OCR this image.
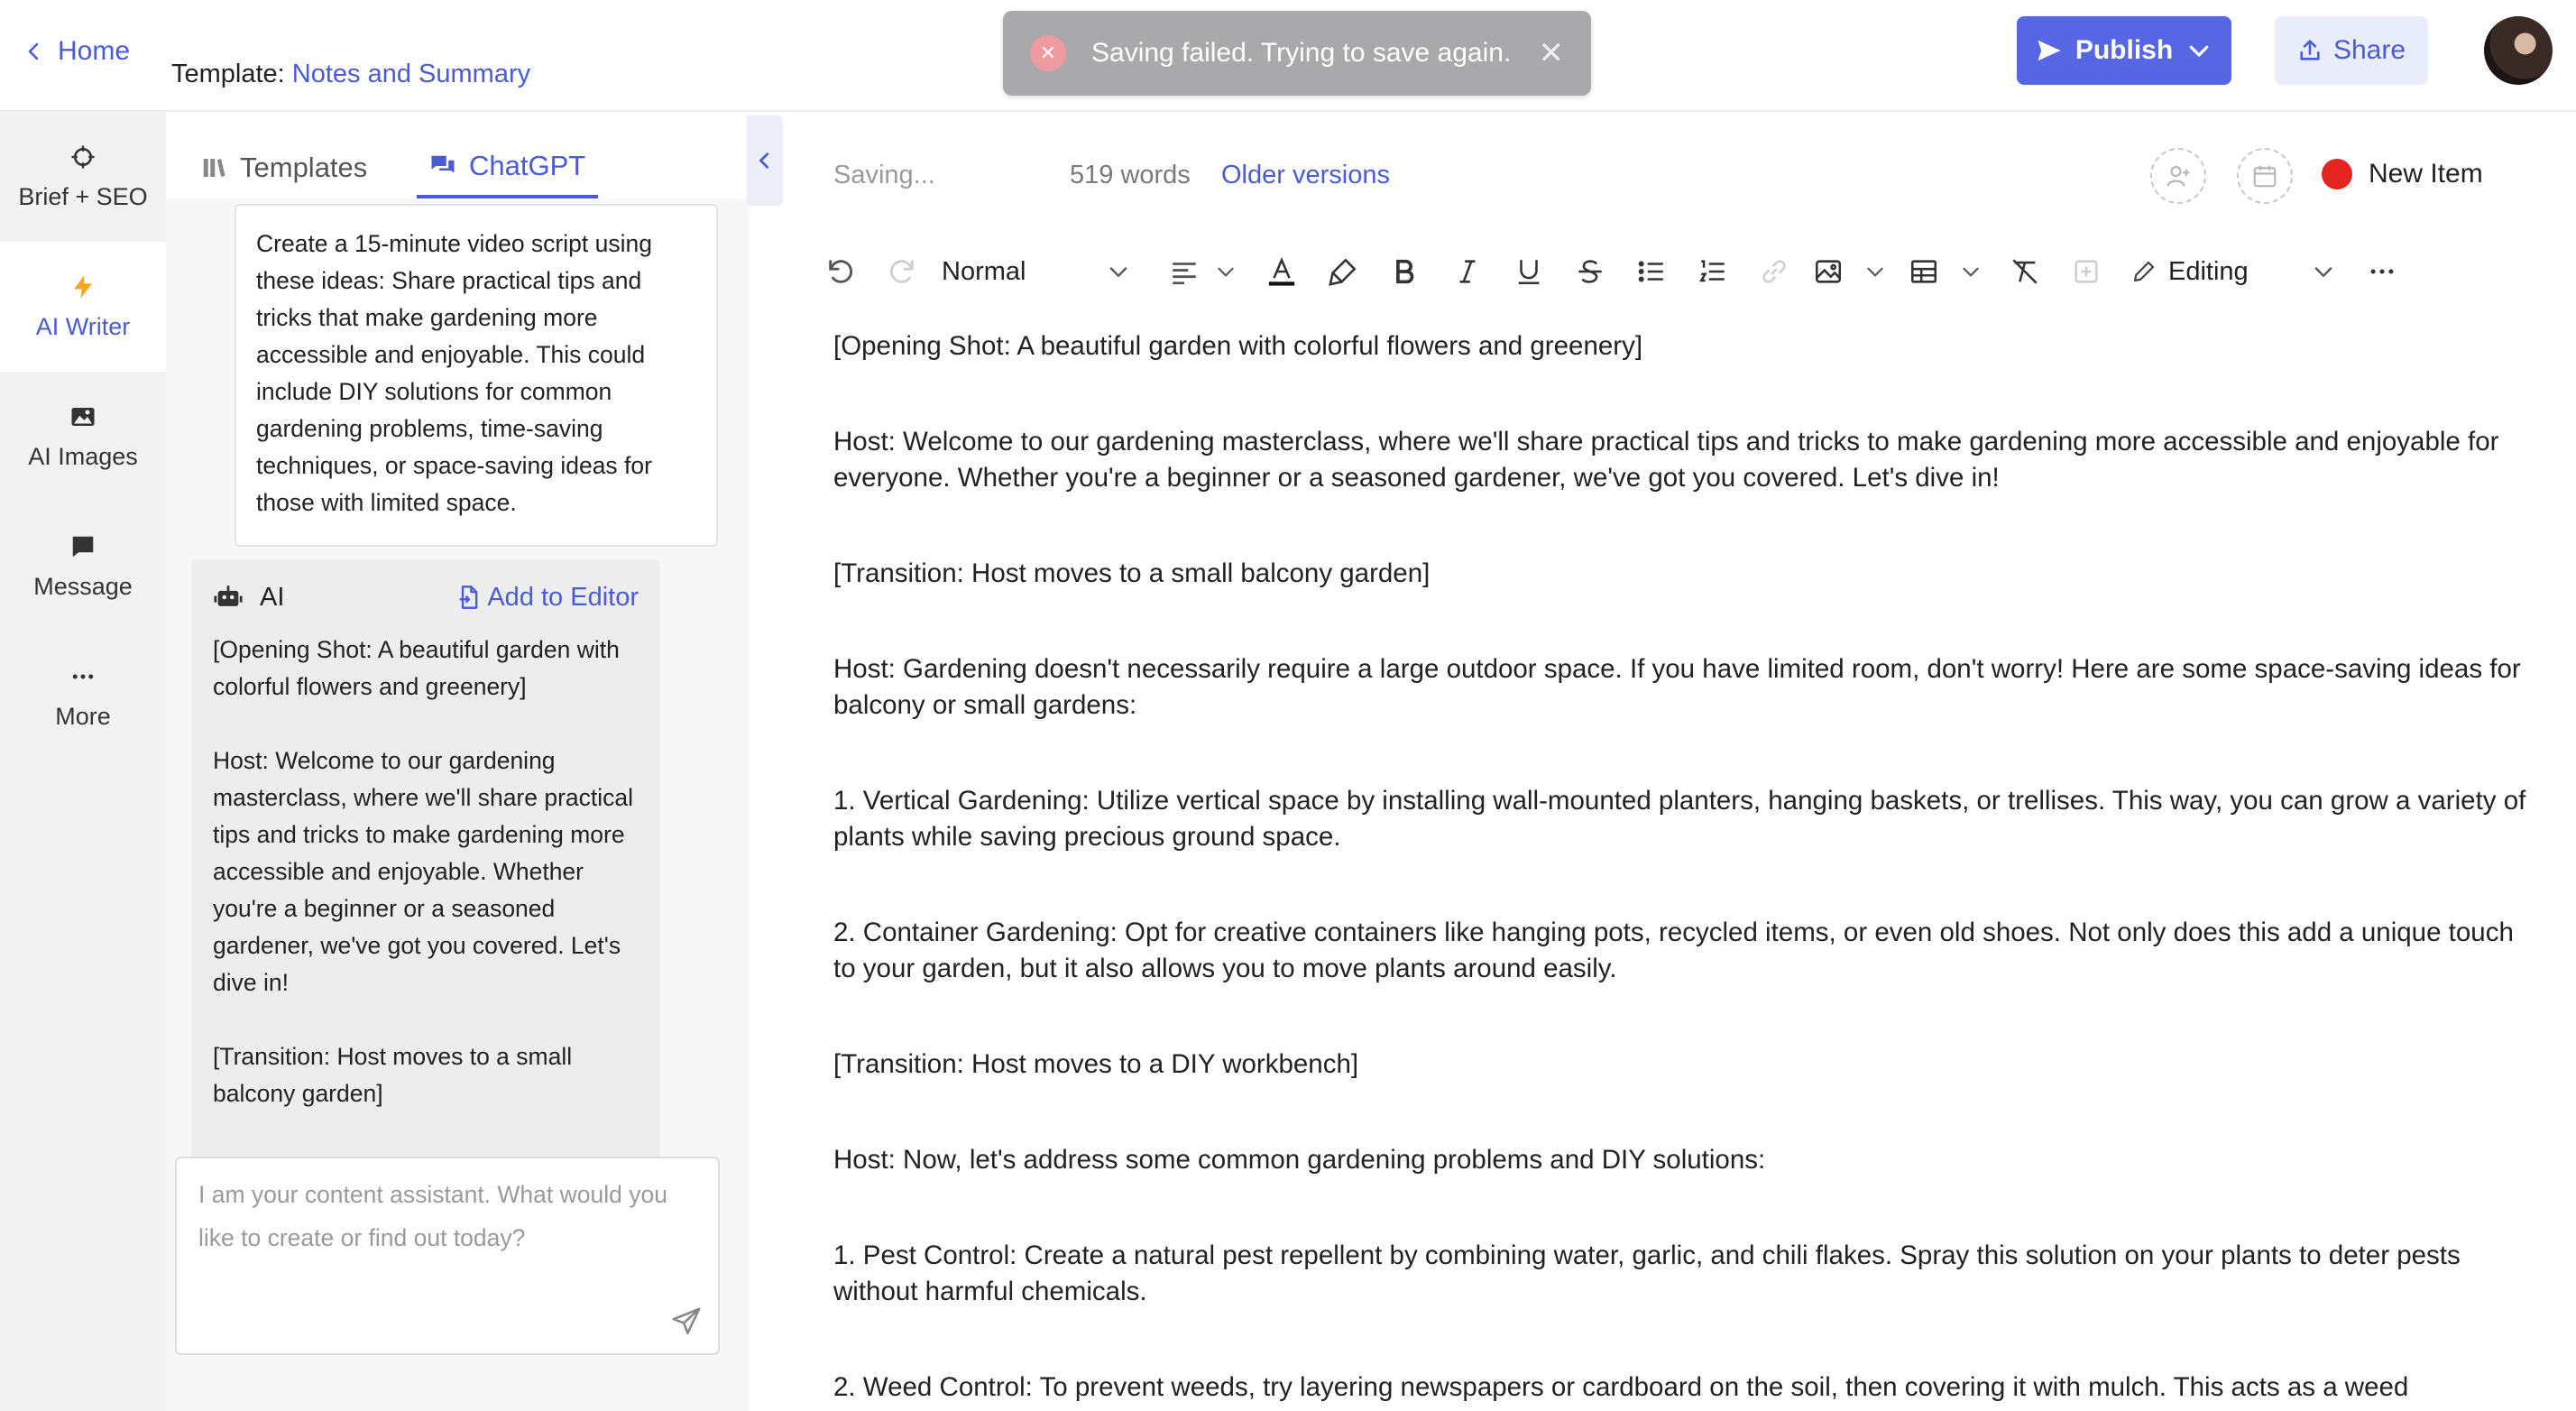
Home
Template: Notes and Summary
✕	Saving failed. Trying to save again. ✕	Publish	Share
Brief + SEO
AI Writer
AI Images
Message
More
Templates	ChatGPT
Create a 15-minute video script using these ideas: Share practical tips and tricks that make gardening more accessible and enjoyable. This could include DIY solutions for common gardening problems, time-saving techniques, or space-saving ideas for those with limited space.
AI	Add to Editor

[Opening Shot: A beautiful garden with colorful flowers and greenery]

Host: Welcome to our gardening masterclass, where we'll share practical tips and tricks to make gardening more accessible and enjoyable. Whether you're a beginner or a seasoned gardener, we've got you covered. Let's dive in!

[Transition: Host moves to a small balcony garden]

I am your content assistant. What would you like to create or find out today?
Saving...	519 words	Older versions	New Item
Normal	Editing

[Opening Shot: A beautiful garden with colorful flowers and greenery]

Host: Welcome to our gardening masterclass, where we'll share practical tips and tricks to make gardening more accessible and enjoyable for everyone. Whether you're a beginner or a seasoned gardener, we've got you covered. Let's dive in!

[Transition: Host moves to a small balcony garden]

Host: Gardening doesn't necessarily require a large outdoor space. If you have limited room, don't worry! Here are some space-saving ideas for balcony or small gardens:

1. Vertical Gardening: Utilize vertical space by installing wall-mounted planters, hanging baskets, or trellises. This way, you can grow a variety of plants while saving precious ground space.

2. Container Gardening: Opt for creative containers like hanging pots, recycled items, or even old shoes. Not only does this add a unique touch to your garden, but it also allows you to move plants around easily.

[Transition: Host moves to a DIY workbench]

Host: Now, let's address some common gardening problems and DIY solutions:

1. Pest Control: Create a natural pest repellent by combining water, garlic, and chili flakes. Spray this solution on your plants to deter pests without harmful chemicals.

2. Weed Control: To prevent weeds, try layering newspapers or cardboard on the soil, then covering it with mulch. This acts as a weed
